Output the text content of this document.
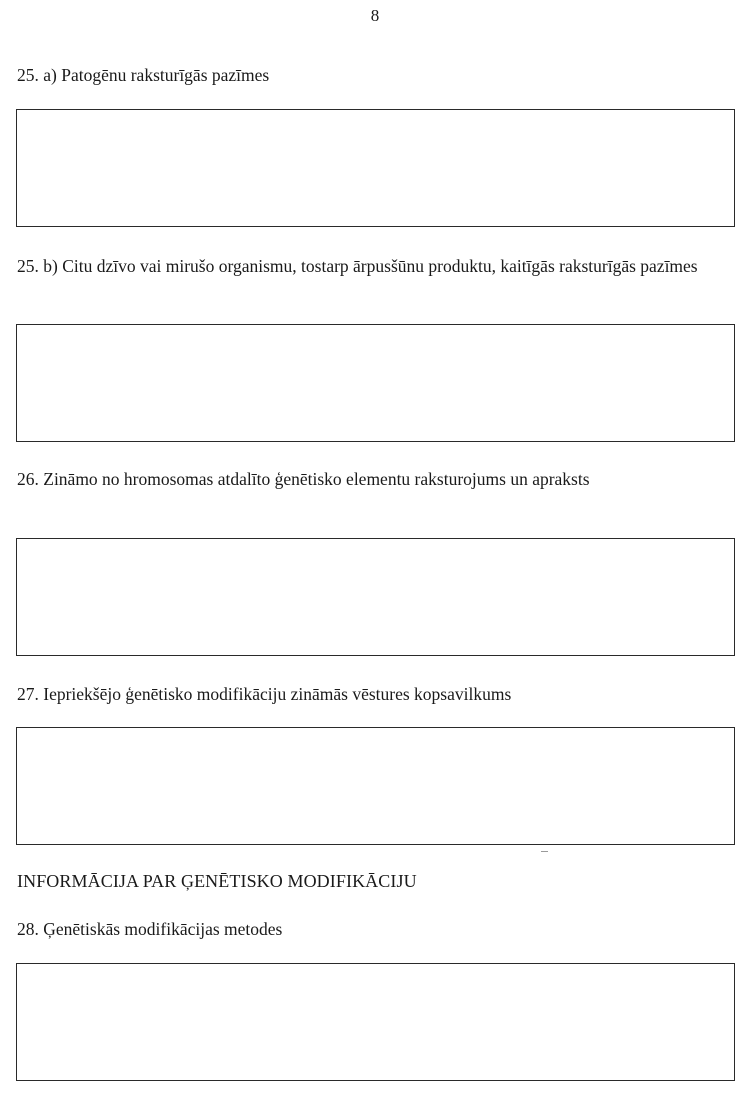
8
25. a) Patogēnu raksturīgās pazīmes
25. b) Citu dzīvo vai mirušo organismu, tostarp ārpusšūnu produktu, kaitīgās raksturīgās pazīmes
26. Zināmo no hromosomas atdalīto ģenētisko elementu raksturojums un apraksts
27. Iepriekšējo ģenētisko modifikāciju zināmās vēstures kopsavilkums
INFORMĀCIJA PAR ĢENĒTISKO MODIFIKĀCIJU
28. Ģenētiskās modifikācijas metodes
